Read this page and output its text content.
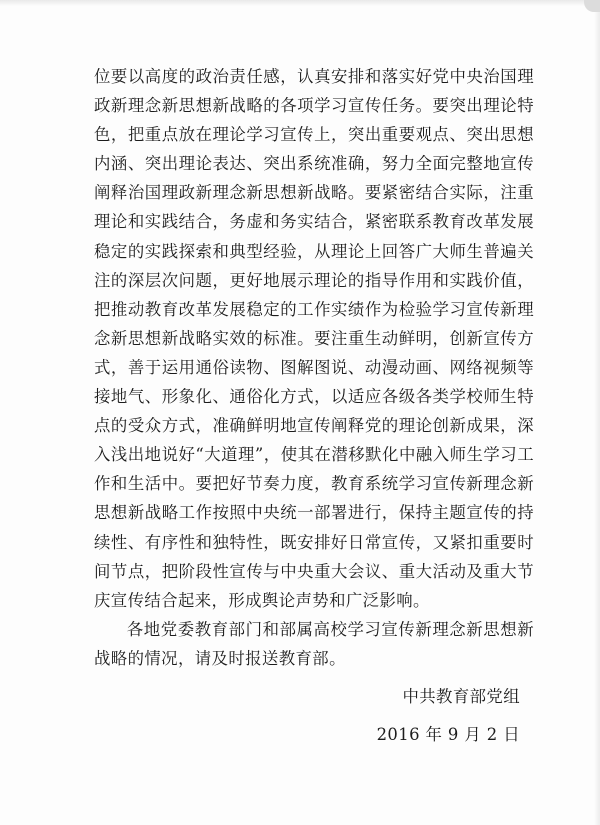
位要以高度的政治责任感，认真安排和落实好党中央治国理政新理念新思想新战略的各项学习宣传任务。要突出理论特色，把重点放在理论学习宣传上，突出重要观点、突出思想内涵、突出理论表达、突出系统准确，努力全面完整地宣传阐释治国理政新理念新思想新战略。要紧密结合实际，注重理论和实践结合，务虚和务实结合，紧密联系教育改革发展稳定的实践探索和典型经验，从理论上回答广大师生普遍关注的深层次问题，更好地展示理论的指导作用和实践价值，把推动教育改革发展稳定的工作实绩作为检验学习宣传新理念新思想新战略实效的标准。要注重生动鲜明，创新宣传方式，善于运用通俗读物、图解图说、动漫动画、网络视频等接地气、形象化、通俗化方式，以适应各级各类学校师生特点的受众方式，准确鲜明地宣传阐释党的理论创新成果，深入浅出地说好“大道理”，使其在潜移默化中融入师生学习工作和生活中。要把好节奏力度，教育系统学习宣传新理念新思想新战略工作按照中央统一部署进行，保持主题宣传的持续性、有序性和独特性，既安排好日常宣传，又紧扣重要时间节点，把阶段性宣传与中央重大会议、重大活动及重大节庆宣传结合起来，形成舆论声势和广泛影响。

各地党委教育部门和部属高校学习宣传新理念新思想新战略的情况，请及时报送教育部。

中共教育部党组
2016 年 9 月 2 日
